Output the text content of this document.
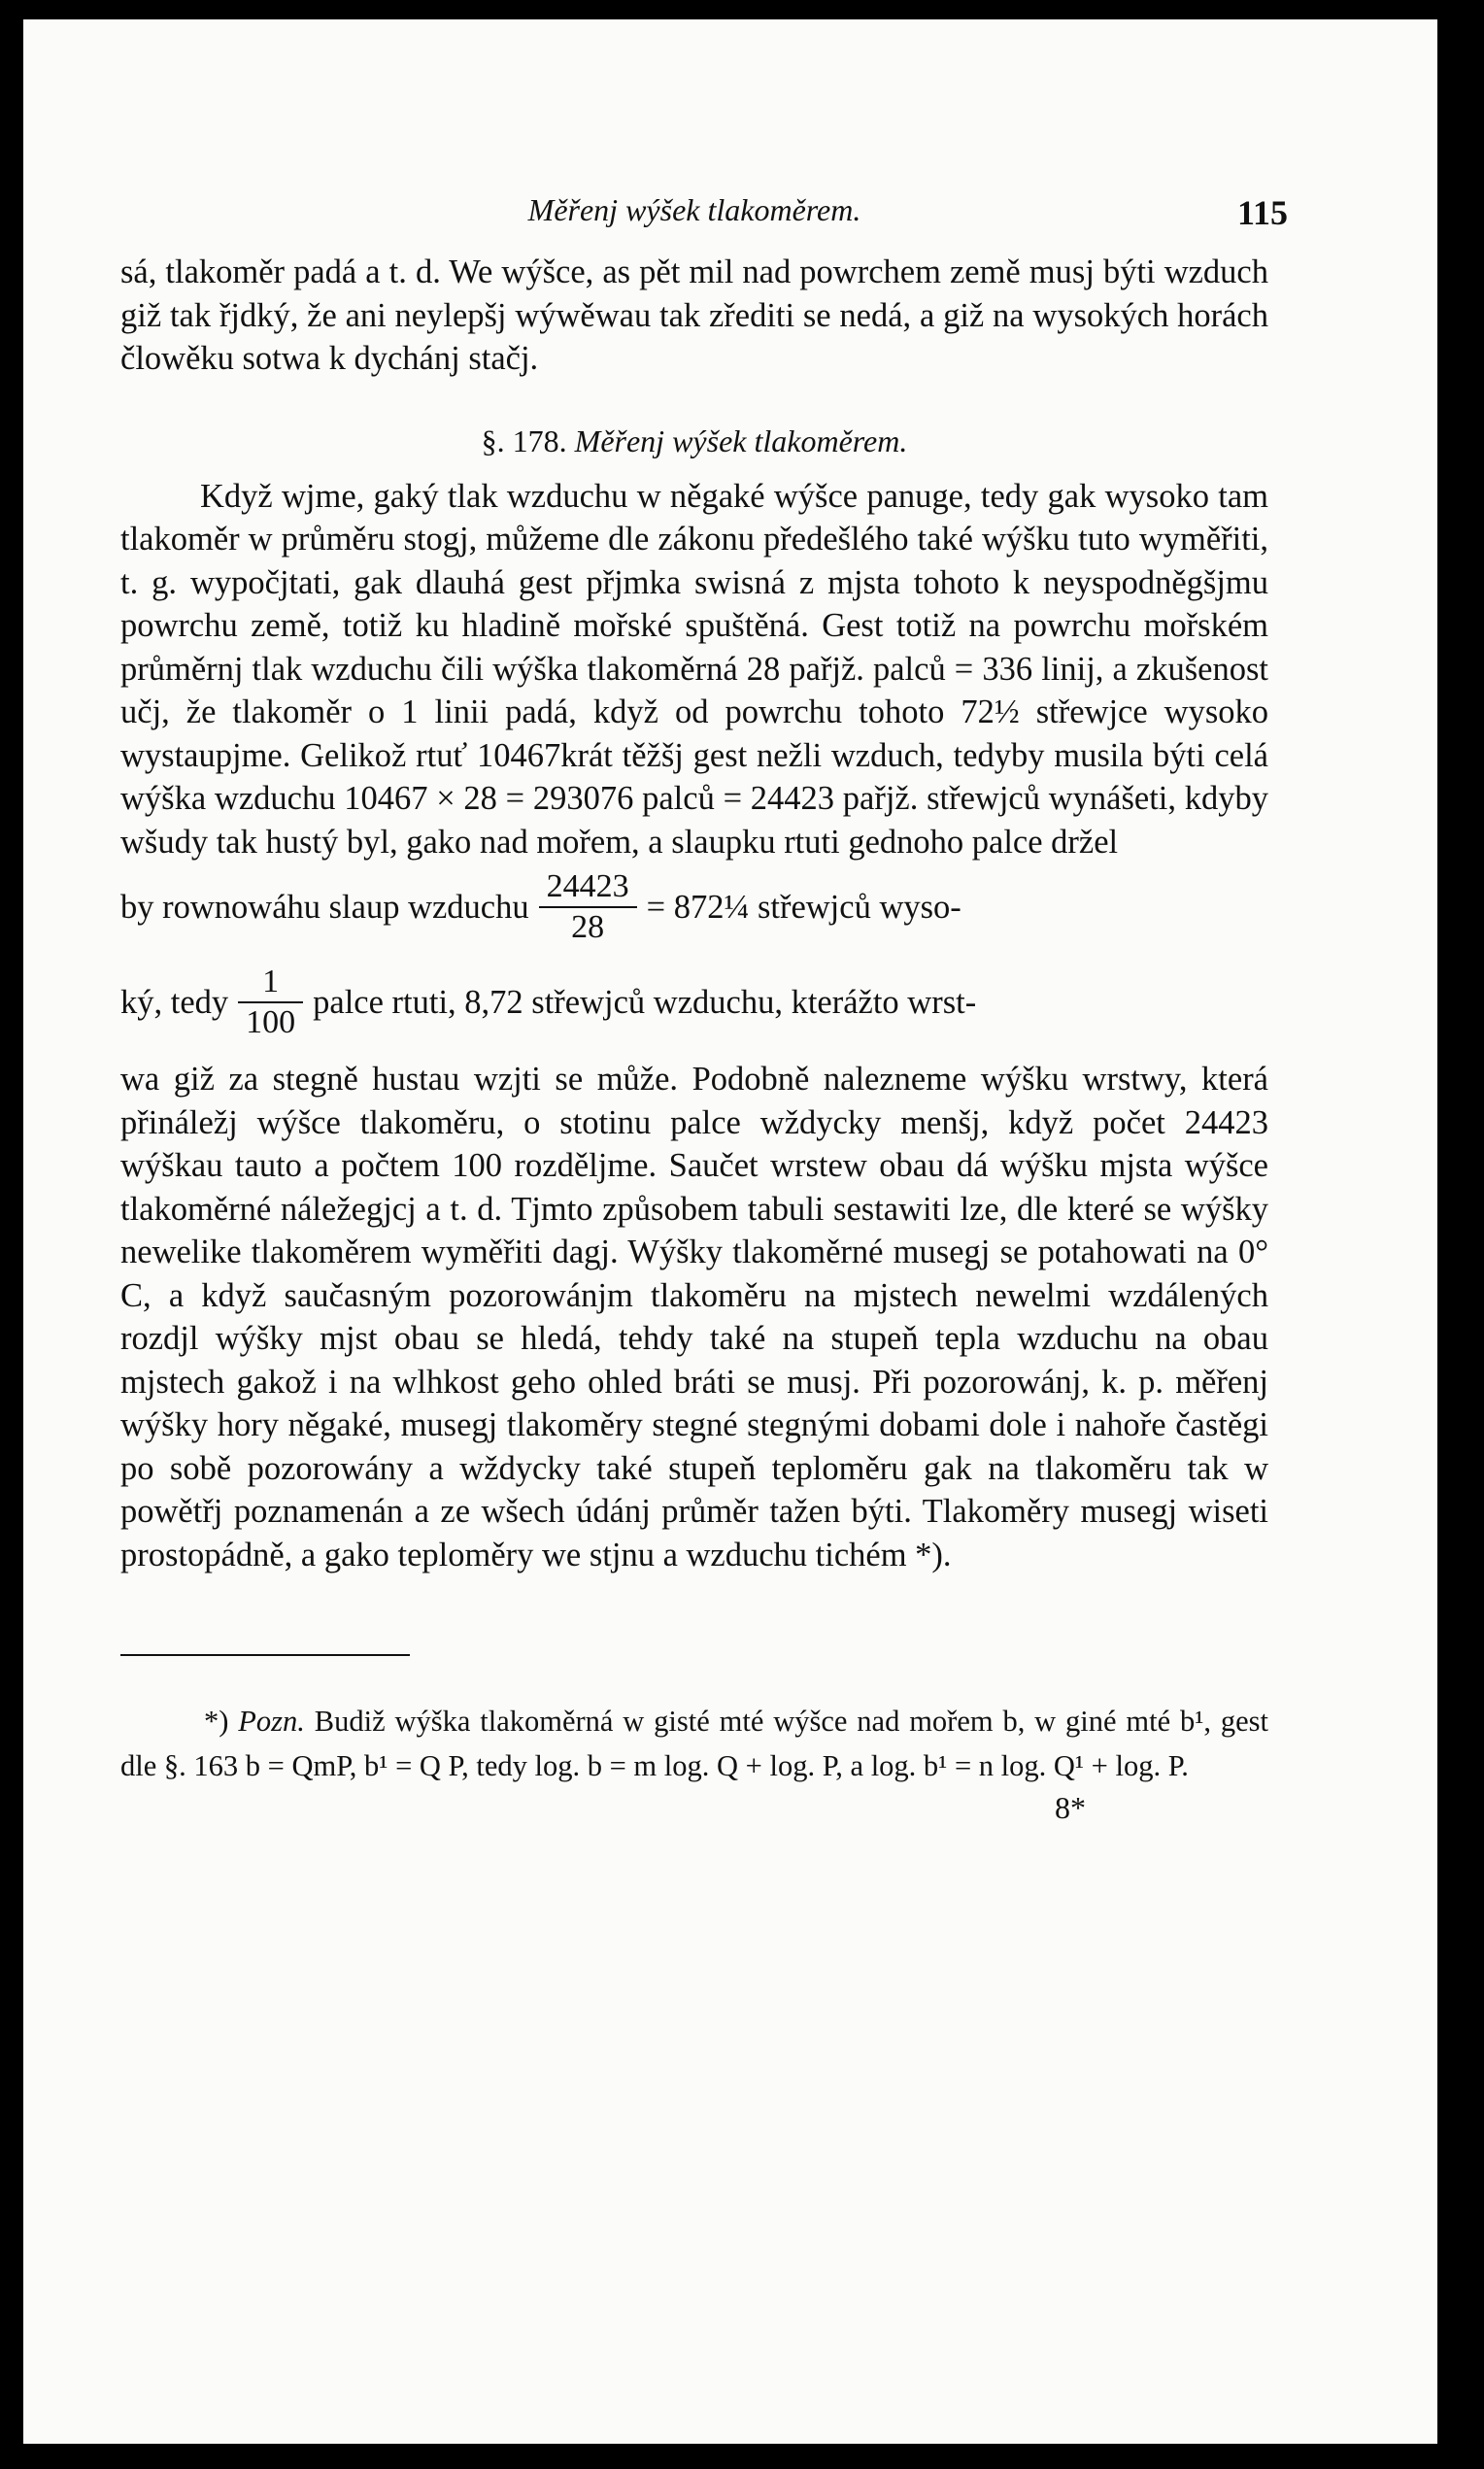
Měřenj wýšek tlakoměrem.	115

sá, tlakoměr padá a t. d. We wýšce, as pět mil nad powrchem země musj býti wzduch giž tak řjdký, že ani neylepšj wýwěwau tak zřediti se nedá, a giž na wysokých horách člowěku sotwa k dychánj stačj.

§. 178. Měřenj wýšek tlakoměrem.

Když wjme, gaký tlak wzduchu w něgaké wýšce panuge, tedy gak wysoko tam tlakoměr w průměru stogj, můžeme dle zákonu předešlého také wýšku tuto wyměřiti, t. g. wypočjtati, gak dlauhá gest přjmka swisná z mjsta tohoto k neyspodněgšjmu powrchu země, totiž ku hladině mořské spuštěná. Gest totiž na powrchu mořském průměrnj tlak wzduchu čili wýška tlakoměrná 28 pařjž. palců = 336 linij, a zkušenost učj, že tlakoměr o 1 linii padá, když od powrchu tohoto 72½ střewjce wysoko wystaupjme. Gelikož rtuť 10467krát těžšj gest nežli wzduch, tedyby musila býti celá wýška wzduchu 10467 × 28 = 293076 palců = 24423 pařjž. střewjců wynášeti, kdyby wšudy tak hustý byl, gako nad mořem, a slaupku rtuti gednoho palce držel

by rownowáhu slaup wzduchu $\frac{24423}{28}$ = 872¼ střewjců wyso-
ký, tedy $\frac{1}{100}$ palce rtuti, 8,72 střewjců wzduchu, kterážto wrst-

wa giž za stegně hustau wzjti se může. Podobně nalezneme wýšku wrstwy, která přináležj wýšce tlakoměru, o stotinu palce wždycky menšj, když počet 24423 wýškau tauto a počtem 100 rozděljme. Saučet wrstew obau dá wýšku mjsta wýšce tlakoměrné náležegjcj a t. d. Tjmto způsobem tabuli sestawiti lze, dle které se wýšky newelike tlakoměrem wyměřiti dagj. Wýšky tlakoměrné musegj se potahowati na 0° C, a když saučasným pozorowánjm tlakoměru na mjstech newelmi wzdálených rozdjl wýšky mjst obau se hledá, tehdy také na stupeň tepla wzduchu na obau mjstech gakož i na wlhkost geho ohled bráti se musj. Při pozorowánj, k. p. měřenj wýšky hory něgaké, musegj tlakoměry stegné stegnými dobami dole i nahoře častěgi po sobě pozorowány a wždycky také stupeň teploměru gak na tlakoměru tak w powětřj poznamenán a ze wšech údánj průměr tažen býti. Tlakoměry musegj wiseti prostopádně, a gako teploměry we stjnu a wzduchu tichém *).

*) Pozn. Budiž wýška tlakoměrná w gisté mté wýšce nad mořem b, w giné mté b¹, gest dle §. 163 b = QmP, b¹ = Q P, tedy log. b = m log. Q + log. P, a log. b¹ = n log. Q¹ + log. P.

8*
